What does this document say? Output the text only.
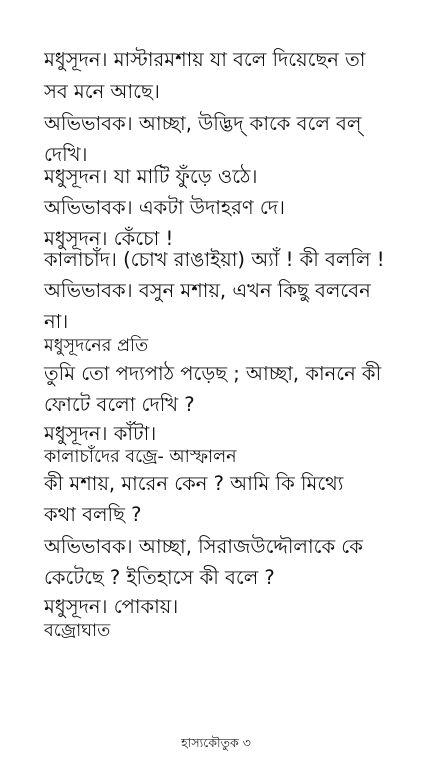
মধুসূদন। মাস্টারমশায় যা বলে দিয়েছেন তা
সব মনে আছে।
অভিভাবক। আচ্ছা, উদ্ভিদ্ কাকে বলে বল্
দেখি।
মধুসূদন। যা মাটি ফুঁড়ে ওঠে।
অভিভাবক। একটা উদাহরণ দে।
মধুসূদন। কেঁচো !
কালাচাঁদ। (চোখ রাঙাইয়া) অ্যাঁ ! কী বললি !
অভিভাবক। বসুন মশায়, এখন কিছু বলবেন
না।
মধুসূদনের প্রতি
তুমি তো পদ্যপাঠ পড়েছ ; আচ্ছা, কাননে কী
ফোটে বলো দেখি ?
মধুসূদন। কাঁটা।
কালাচাঁদের বজ্রে- আস্ফালন
কী মশায়, মারেন কেন ? আমি কি মিথ্যে
কথা বলছি ?
অভিভাবক। আচ্ছা, সিরাজউদ্দৌলাকে কে
কেটেছে ? ইতিহাসে কী বলে ?
মধুসূদন। পোকায়।
বজ্রোঘাত
হাস্যকৌতুক ৩
